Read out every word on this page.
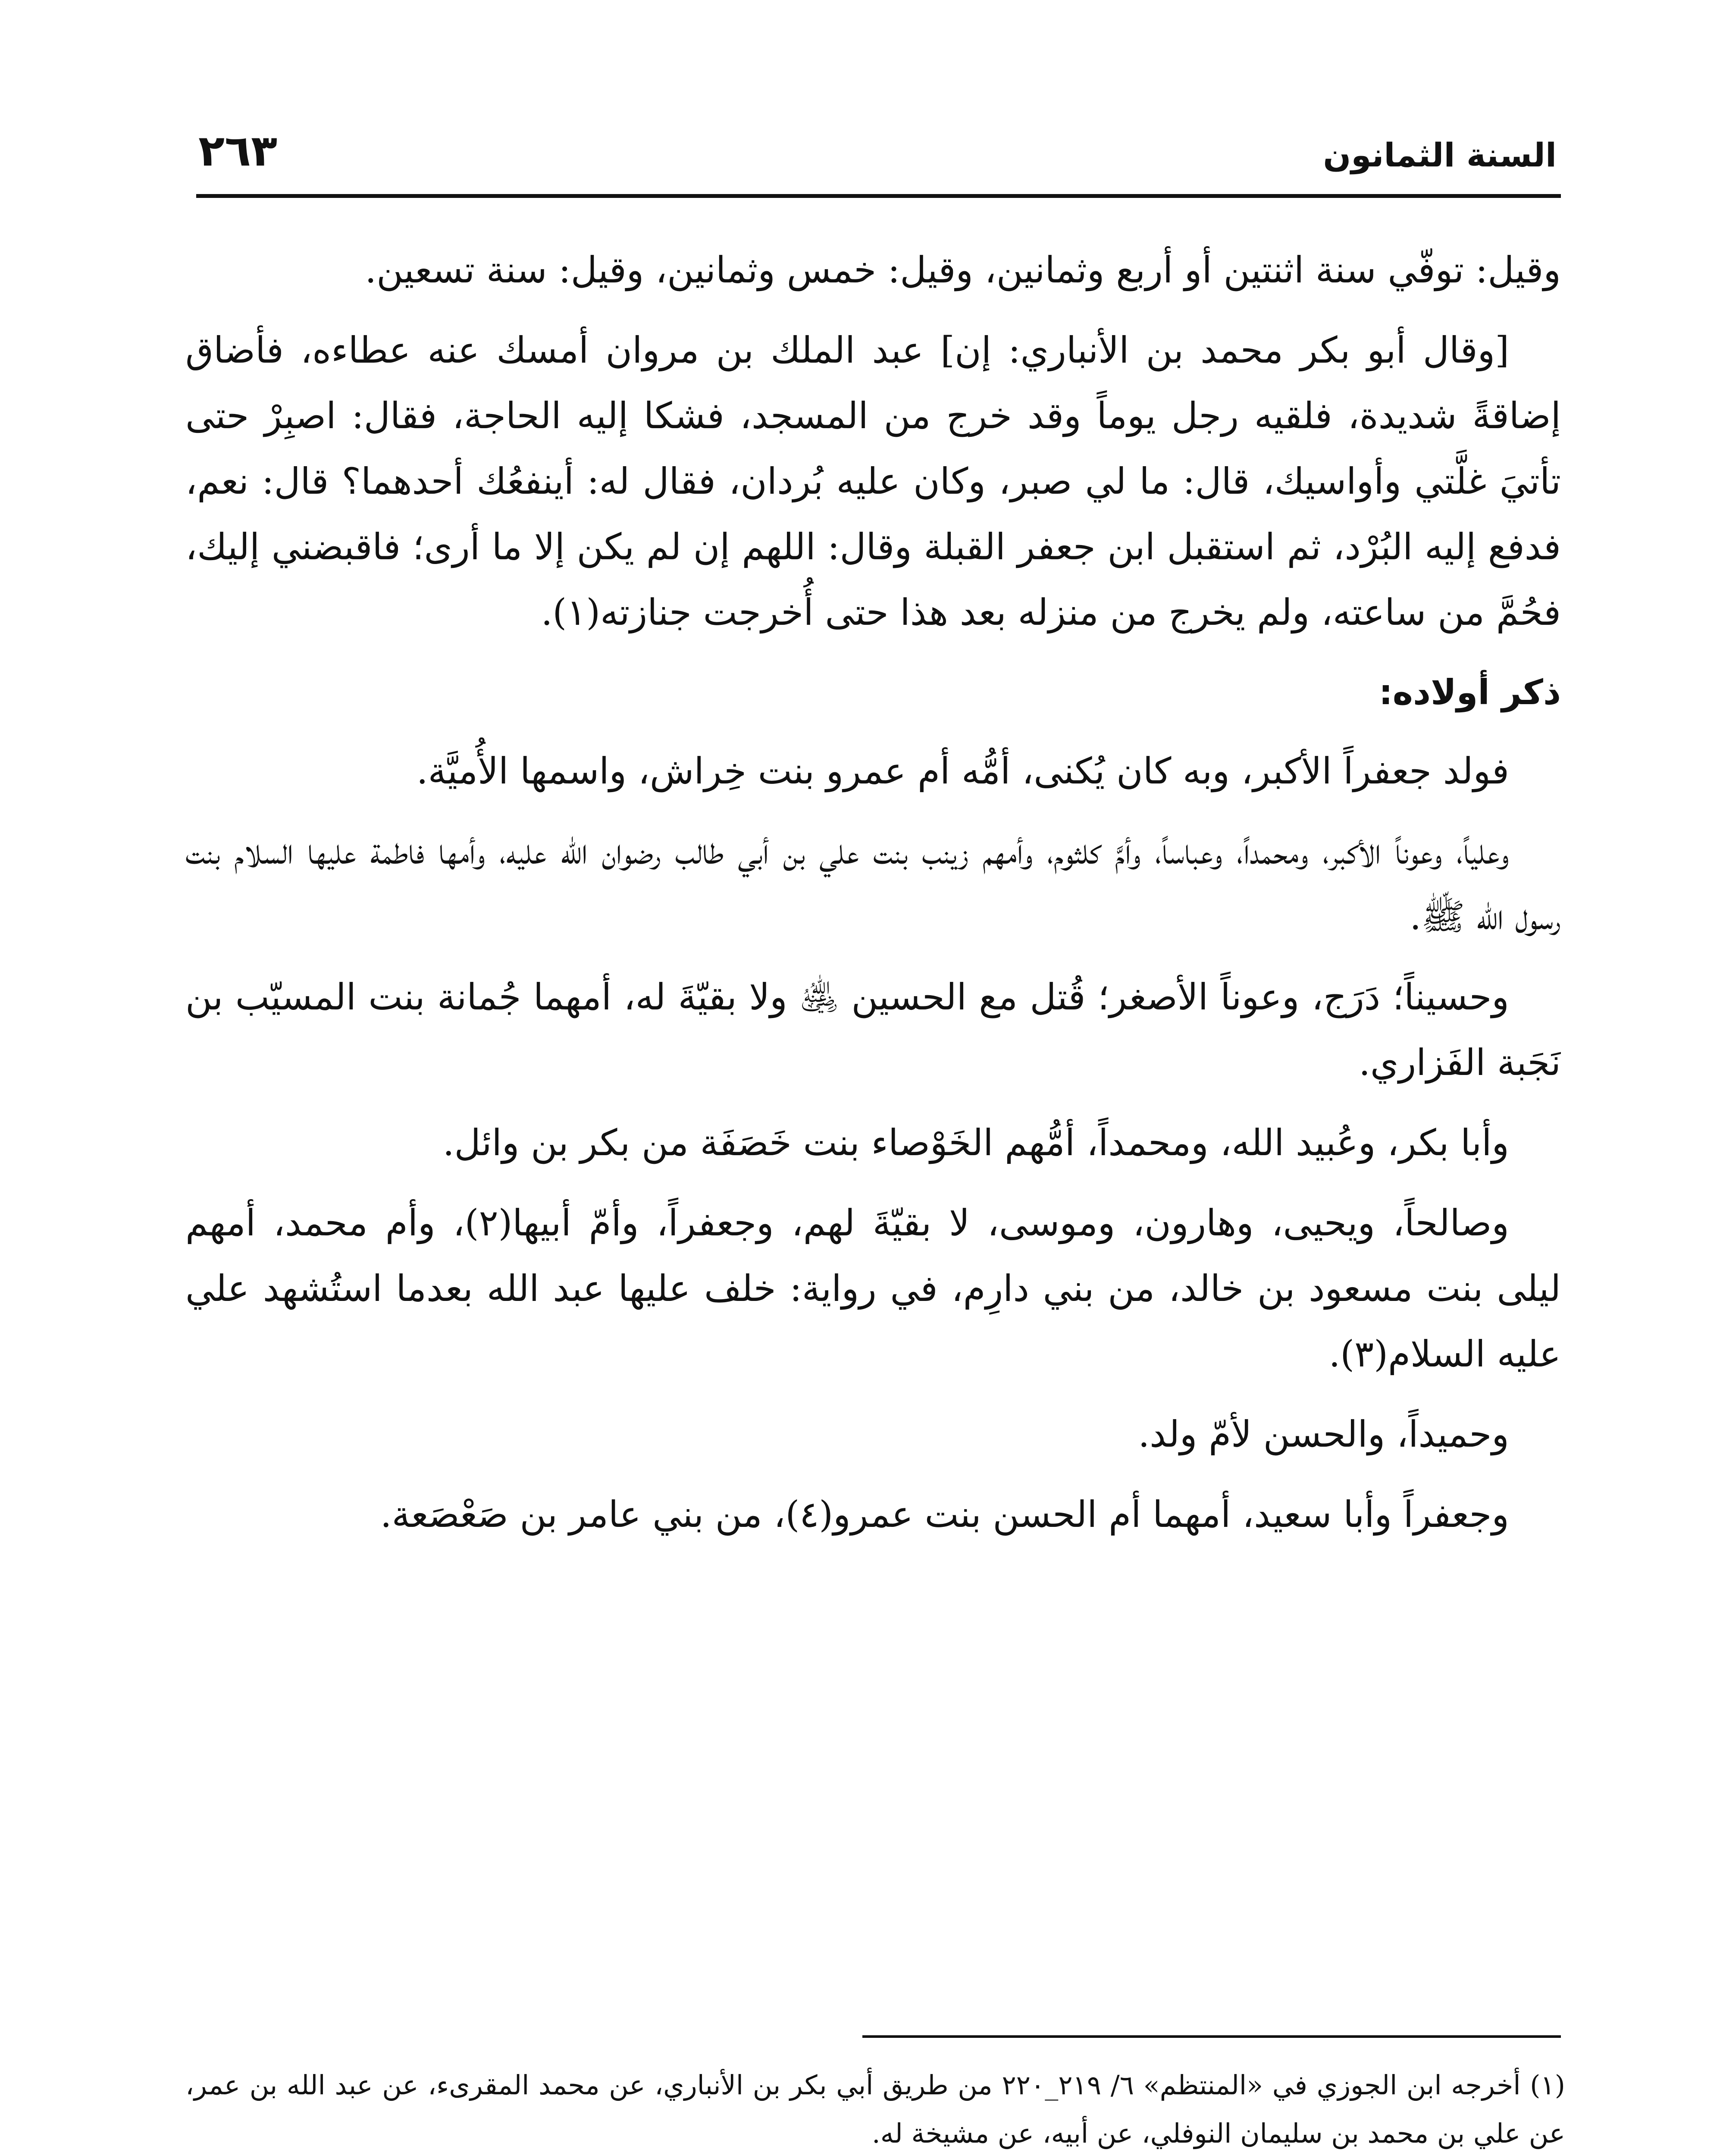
السنة الثمانون
٢٦٣

وقيل: توفّي سنة اثنتين أو أربع وثمانين، وقيل: خمس وثمانين، وقيل: سنة تسعين.

[وقال أبو بكر محمد بن الأنباري: إن] عبد الملك بن مروان أمسك عنه عطاءه، فأضاق إضاقةً شديدة، فلقيه رجل يوماً وقد خرج من المسجد، فشكا إليه الحاجة، فقال: اصبِرْ حتى تأتيَ غلَّتي وأواسيك، قال: ما لي صبر، وكان عليه بُردان، فقال له: أينفعُك أحدهما؟ قال: نعم، فدفع إليه البُرْد، ثم استقبل ابن جعفر القبلة وقال: اللهم إن لم يكن إلا ما أرى؛ فاقبضني إليك، فحُمَّ من ساعته، ولم يخرج من منزله بعد هذا حتى أُخرجت جنازته(١).

ذكر أولاده:

فولد جعفراً الأكبر، وبه كان يُكنى، أمُّه أم عمرو بنت خِراش، واسمها الأُميَّة.

وعلياً، وعوناً الأكبر، ومحمداً، وعباساً، وأمَّ كلثوم، وأمهم زينب بنت علي بن أبي طالب رضوان الله عليه، وأمها فاطمة عليها السلام بنت رسول الله ﷺ.

وحسيناً؛ دَرَج، وعوناً الأصغر؛ قُتل مع الحسين ﵁ ولا بقيّةَ له، أمهما جُمانة بنت المسيّب بن نَجَبة الفَزاري.

وأبا بكر، وعُبيد الله، ومحمداً، أمُّهم الخَوْصاء بنت خَصَفَة من بكر بن وائل.

وصالحاً، ويحيى، وهارون، وموسى، لا بقيّةَ لهم، وجعفراً، وأمّ أبيها(٢)، وأم محمد، أمهم ليلى بنت مسعود بن خالد، من بني دارِم، في رواية: خلف عليها عبد الله بعدما استُشهد علي عليه السلام(٣).

وحميداً، والحسن لأمّ ولد.

وجعفراً وأبا سعيد، أمهما أم الحسن بنت عمرو(٤)، من بني عامر بن صَعْصَعة.

(١) أخرجه ابن الجوزي في «المنتظم» ٦/ ٢١٩_٢٢٠ من طريق أبي بكر بن الأنباري، عن محمد المقرىء، عن عبد الله بن عمر، عن علي بن محمد بن سليمان النوفلي، عن أبيه، عن مشيخة له.
